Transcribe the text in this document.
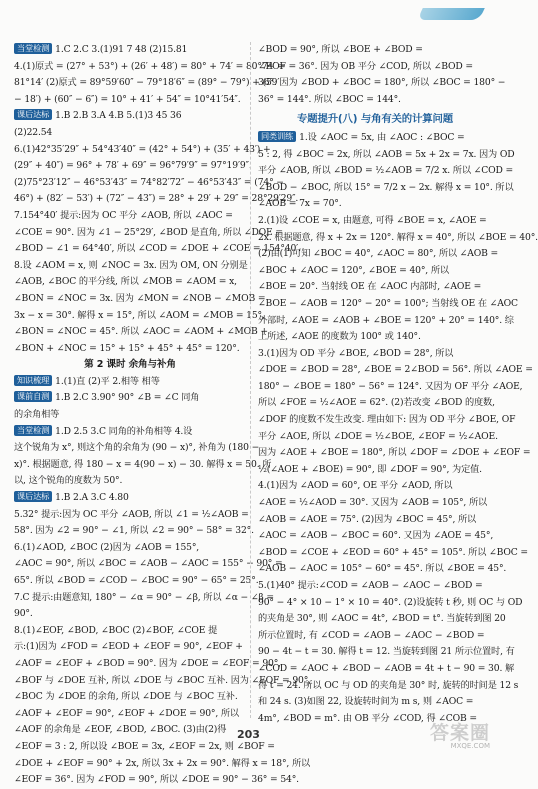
当堂检测 1.C 2.C 3.(1)91 7 48 (2)15.81
4.(1)原式 = (27° + 53°) + (26′ + 48′) = 80° + 74′ = 80°74′ =
81°14′ (2)原式 = 89°59′60″ − 79°18′6″ = (89° − 79°) + (59′
− 18′) + (60″ − 6″) = 10° + 41′ + 54″ = 10°41′54″.
课后达标 1.B 2.B 3.A 4.B 5.(1)3 45 36
(2)22.54
6.(1)42°35′29″ + 54°43′40″ = (42° + 54°) + (35′ + 43′) +
(29″ + 40″) = 96° + 78′ + 69″ = 96°79′9″ = 97°19′9″.
(2)75°23′12″ − 46°53′43″ = 74°82′72″ − 46°53′43″ = (74° −
46°) + (82′ − 53′) + (72″ − 43″) = 28° + 29′ + 29″ = 28°29′29″.
7.154°40′ 提示:因为 OC 平分 ∠AOB, 所以 ∠AOC =
∠COE = 90°. 因为 ∠1 − 25°29′, ∠BOD 是直角, 所以 ∠DOE =
∠BOD − ∠1 = 64°40′, 所以 ∠COD = ∠DOE + ∠COE = 154°40′.
8.设 ∠AOM = x, 则 ∠NOC = 3x. 因为 OM, ON 分别是
∠AOB, ∠BOC 的平分线, 所以 ∠MOB = ∠AOM = x,
∠BON = ∠NOC = 3x. 因为 ∠MON = ∠NOB − ∠MOB =
3x − x = 30°. 解得 x = 15°, 所以 ∠AOM = ∠MOB = 15°,
∠BON = ∠NOC = 45°. 所以 ∠AOC = ∠AOM + ∠MOB +
∠BON + ∠NOC = 15° + 15° + 45° + 45° = 120°.
第 2 课时 余角与补角
知识梳理 1.(1)直 (2)平 2.相等 相等
课前自测 1.B 2.C 3.90° 90° ∠B = ∠C 同角
的余角相等
当堂检测 1.D 2.5 3.C 同角的补角相等 4.设
这个锐角为 x°, 则这个角的余角为 (90 − x)°, 补角为 (180 −
x)°. 根据题意, 得 180 − x = 4(90 − x) − 30. 解得 x = 50. 所
以, 这个锐角的度数为 50°.
课后达标 1.B 2.A 3.C 4.80
5.32° 提示:因为 OC 平分 ∠AOB, 所以 ∠1 = ½∠AOB =
58°. 因为 ∠2 = 90° − ∠1, 所以 ∠2 = 90° − 58° = 32°.
6.(1)∠AOD, ∠BOC (2)因为 ∠AOB = 155°,
∠AOC = 90°, 所以 ∠BOC = ∠AOB − ∠AOC = 155° − 90° =
65°. 所以 ∠BOD = ∠COD − ∠BOC = 90° − 65° = 25°.
7.C 提示:由题意知, 180° − ∠α = 90° − ∠β, 所以 ∠α − ∠β =
90°.
8.(1)∠EOF, ∠BOD, ∠BOC (2)∠BOF, ∠COE 提
示:(1)因为 ∠FOD = ∠EOD + ∠EOF = 90°, ∠EOF +
∠AOF = ∠EOF + ∠BOD = 90°. 因为 ∠DOE = ∠EOF = 90°,
∠BOF 与 ∠DOE 互补, 所以 ∠DOE 与 ∠BOC 互补. 因为 ∠EOF = 90°,
∠BOC 为 ∠DOE 的余角, 所以 ∠DOE 与 ∠BOC 互补.
∠AOF + ∠EOF = 90°, ∠EOF + ∠DOE = 90°, 所以
∠AOF 的余角是 ∠EOF, ∠BOD, ∠BOC. (3)由(2)得
∠EOF = 3 : 2, 所以设 ∠BOE = 3x, ∠EOF = 2x, 则 ∠BOF =
∠DOE + ∠EOF = 90° + 2x, 所以 3x + 2x = 90°. 解得 x = 18°, 所以
∠EOF = 36°. 因为 ∠FOD = 90°, 所以 ∠DOE = 90° − 36° = 54°.
∠BOD = 90°, 所以 ∠BOE + ∠BOD =
∠EOF = 36°. 因为 OB 平分 ∠COD, 所以 ∠BOD =
36°. 因为 ∠BOD + ∠BOC = 180°, 所以 ∠BOC = 180° −
36° = 144°. 所以 ∠BOC = 144°.
专题提升(八) 与角有关的计算问题
同类训练 1.设 ∠AOC = 5x, 由 ∠AOC : ∠BOC =
5 : 2, 得 ∠BOC = 2x, 所以 ∠AOB = 5x + 2x = 7x. 因为 OD
平分 ∠AOB, 所以 ∠BOD = ½∠AOB = 7/2 x. 所以 ∠COD =
∠BOD − ∠BOC, 所以 15° = 7/2 x − 2x. 解得 x = 10°. 所以
∠AOB = 7x = 70°.
2.(1)设 ∠COE = x, 由题意, 可得 ∠BOE = x, ∠AOE =
2x. 根据题意, 得 x + 2x = 120°. 解得 x = 40°, 所以 ∠BOE = 40°.
(2)由(1)可知 ∠BOC = 40°, ∠AOC = 80°, 所以 ∠AOB =
∠BOC + ∠AOC = 120°, ∠BOE = 40°, 所以
∠BOE = 20°. 当射线 OE 在 ∠AOC 内部时, ∠AOE =
∠BOE − ∠AOB = 120° − 20° = 100°; 当射线 OE 在 ∠AOC
外部时, ∠AOE = ∠AOB + ∠BOE = 120° + 20° = 140°. 综
上所述, ∠AOE 的度数为 100° 或 140°.
3.(1)因为 OD 平分 ∠BOE, ∠BOD = 28°, 所以
∠DOE = ∠BOD = 28°, ∠BOE = 2∠BOD = 56°. 所以 ∠AOE =
180° − ∠BOE = 180° − 56° = 124°. 又因为 OF 平分 ∠AOE,
所以 ∠FOE = ½∠AOE = 62°. (2)若改变 ∠BOD 的度数,
∠DOF 的度数不发生改变. 理由如下: 因为 OD 平分 ∠BOE, OF
平分 ∠AOE, 所以 ∠DOE = ½∠BOE, ∠EOF = ½∠AOE.
因为 ∠AOE + ∠BOE = 180°, 所以 ∠DOF = ∠DOE + ∠EOF =
½(∠AOE + ∠BOE) = 90°, 即 ∠DOF = 90°, 为定值.
4.(1)因为 ∠AOD = 60°, OE 平分 ∠AOD, 所以
∠AOE = ½∠AOD = 30°. 又因为 ∠AOB = 105°, 所以
∠AOB = ∠AOE = 75°. (2)因为 ∠BOC = 45°, 所以
∠AOC = ∠AOB − ∠BOC = 60°. 又因为 ∠AOE = 45°,
∠BOD = ∠COE + ∠EOD = 60° + 45° = 105°. 所以 ∠BOC =
∠AOB − ∠AOC = 105° − 60° = 45°. 所以 ∠BOE = 45°.
5.(1)40° 提示:∠COD = ∠AOB − ∠AOC − ∠BOD =
90° − 4° × 10 − 1° × 10 = 40°. (2)设旋转 t 秒, 则 OC 与 OD
的夹角是 30°, 则 ∠AOC = 4t°, ∠BOD = t°. 当旋转到图 20
所示位置时, 有 ∠COD = ∠AOB − ∠AOC − ∠BOD =
90 − 4t − t = 30. 解得 t = 12. 当旋转到图 21 所示位置时, 有
∠COD = ∠AOC + ∠BOD − ∠AOB = 4t + t − 90 = 30. 解
得 t = 24. 所以 OC 与 OD 的夹角是 30° 时, 旋转的时间是 12 s
和 24 s. (3)如图 22, 设旋转时间为 m s, 则 ∠AOC =
4m°, ∠BOD = m°. 由 OB 平分 ∠COD, 得 ∠COB =
203	答案圈
MXQE.COM
